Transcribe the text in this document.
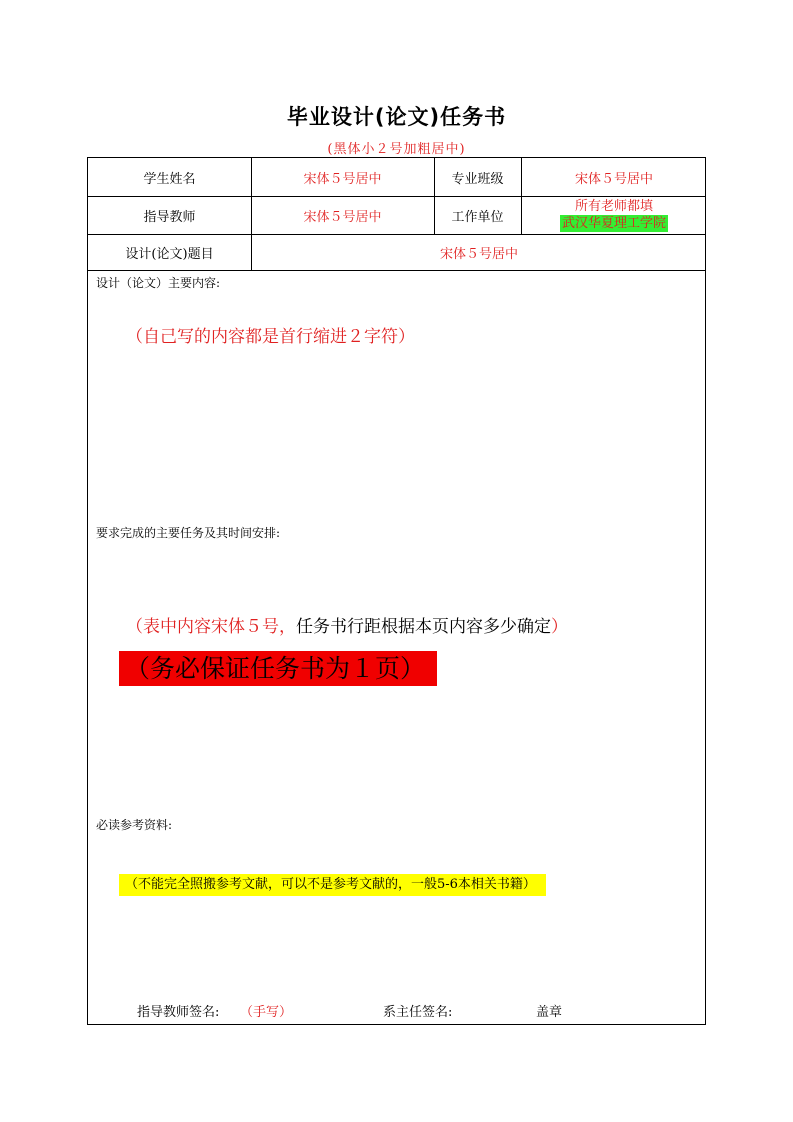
毕业设计(论文)任务书
(黑体小２号加粗居中)
学生姓名	宋体５号居中	专业班级	宋体５号居中
指导教师	宋体５号居中	工作单位
所有老师都填
武汉华夏理工学院
设计(论文)题目	宋体５号居中
设计（论文）主要内容:
（自己写的内容都是首行缩进２字符）
要求完成的主要任务及其时间安排:
（表中内容宋体５号，任务书行距根据本页内容多少确定）
（务必保证任务书为１页）
必读参考资料:
（不能完全照搬参考文献，可以不是参考文献的，一般5-6本相关书籍）
指导教师签名: （手写）	系主任签名:	盖章
